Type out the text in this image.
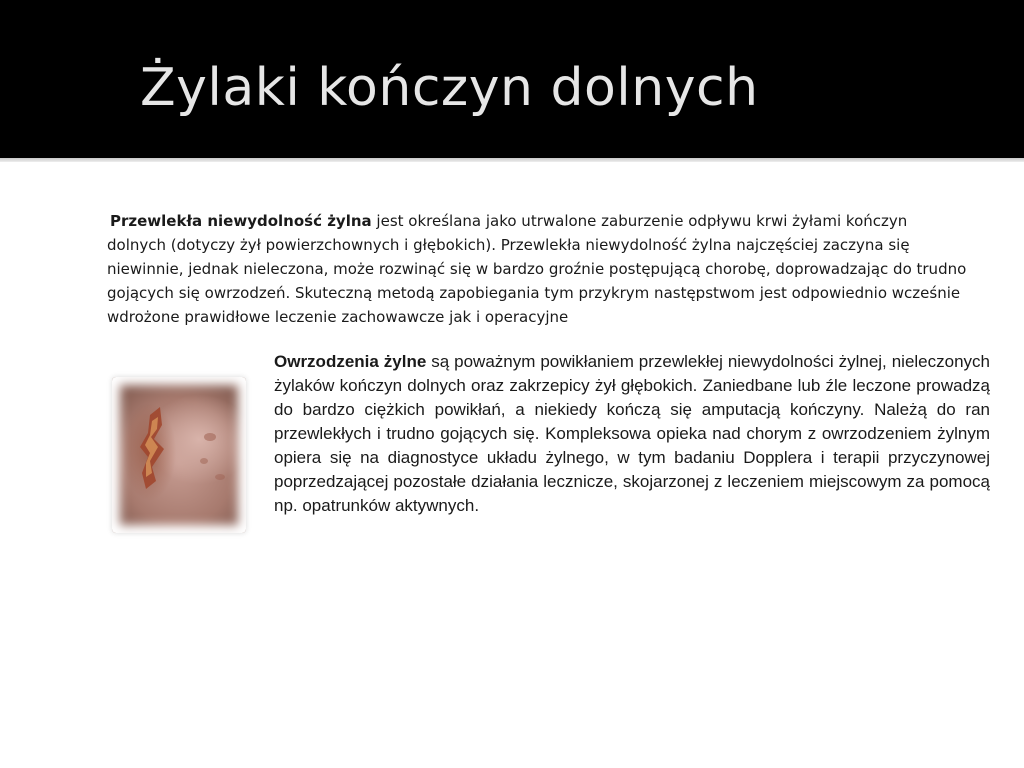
Żylaki kończyn dolnych

Przewlekła niewydolność żylna jest określana jako utrwalone zaburzenie odpływu krwi żyłami kończyn dolnych (dotyczy żył powierzchownych i głębokich). Przewlekła niewydolność żylna najczęściej zaczyna się niewinnie, jednak nieleczona, może rozwinąć się w bardzo groźnie postępującą chorobę, doprowadzając do trudno gojących się owrzodzeń. Skuteczną metodą zapobiegania tym przykrym następstwom jest odpowiednio wcześnie wdrożone prawidłowe leczenie zachowawcze jak i operacyjne

Owrzodzenia żylne są poważnym powikłaniem przewlekłej niewydolności żylnej, nieleczonych żylaków kończyn dolnych oraz zakrzepicy żył głębokich. Zaniedbane lub źle leczone prowadzą do bardzo ciężkich powikłań, a niekiedy kończą się amputacją kończyny. Należą do ran przewlekłych i trudno gojących się. Kompleksowa opieka nad chorym z owrzodzeniem żylnym opiera się na diagnostyce układu żylnego, w tym badaniu Dopplera i terapii przyczynowej poprzedzającej pozostałe działania lecznicze, skojarzonej z leczeniem miejscowym za pomocą np. opatrunków aktywnych.
